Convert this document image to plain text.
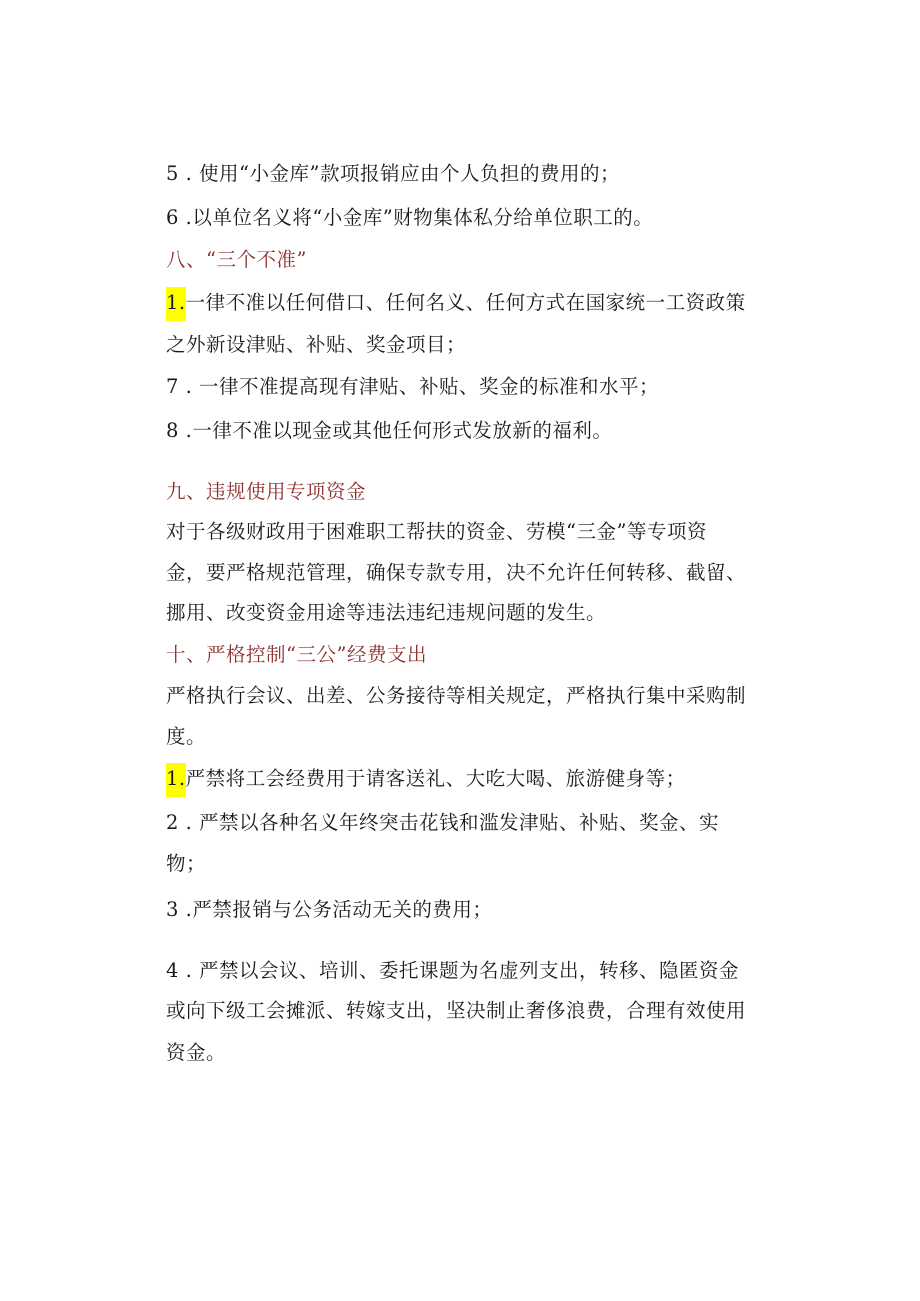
5 . 使用“小金库”款项报销应由个人负担的费用的；
6 .以单位名义将“小金库”财物集体私分给单位职工的。
八、“三个不准”
1.一律不准以任何借口、任何名义、任何方式在国家统一工资政策
之外新设津贴、补贴、奖金项目；
7 . 一律不准提高现有津贴、补贴、奖金的标准和水平；
8 .一律不准以现金或其他任何形式发放新的福利。
九、违规使用专项资金
对于各级财政用于困难职工帮扶的资金、劳模“三金”等专项资
金，要严格规范管理，确保专款专用，决不允许任何转移、截留、
挪用、改变资金用途等违法违纪违规问题的发生。
十、严格控制“三公”经费支出
严格执行会议、出差、公务接待等相关规定，严格执行集中采购制
度。
1.严禁将工会经费用于请客送礼、大吃大喝、旅游健身等；
2 . 严禁以各种名义年终突击花钱和滥发津贴、补贴、奖金、实
物；
3 .严禁报销与公务活动无关的费用；
4 . 严禁以会议、培训、委托课题为名虚列支出，转移、隐匿资金
或向下级工会摊派、转嫁支出，坚决制止奢侈浪费，合理有效使用
资金。
